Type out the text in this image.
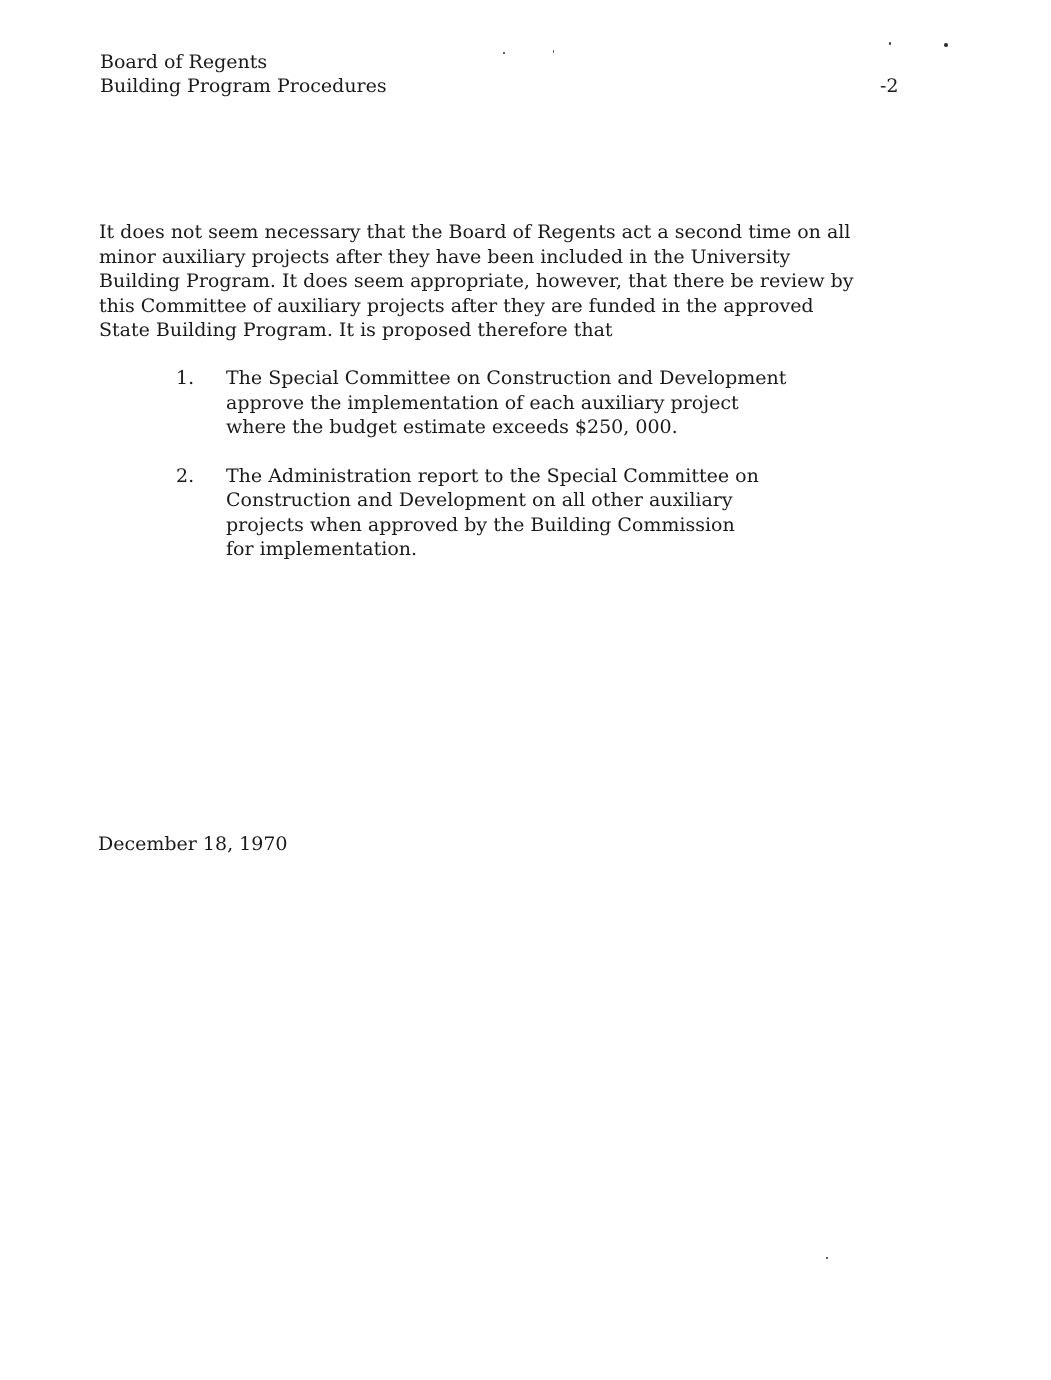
Board of Regents
Building Program Procedures	-2
It does not seem necessary that the Board of Regents act a second time on all
minor auxiliary projects after they have been included in the University
Building Program. It does seem appropriate, however, that there be review by
this Committee of auxiliary projects after they are funded in the approved
State Building Program. It is proposed therefore that
1. The Special Committee on Construction and Development
approve the implementation of each auxiliary project
where the budget estimate exceeds $250, 000.
2. The Administration report to the Special Committee on
Construction and Development on all other auxiliary
projects when approved by the Building Commission
for implementation.
December 18, 1970
